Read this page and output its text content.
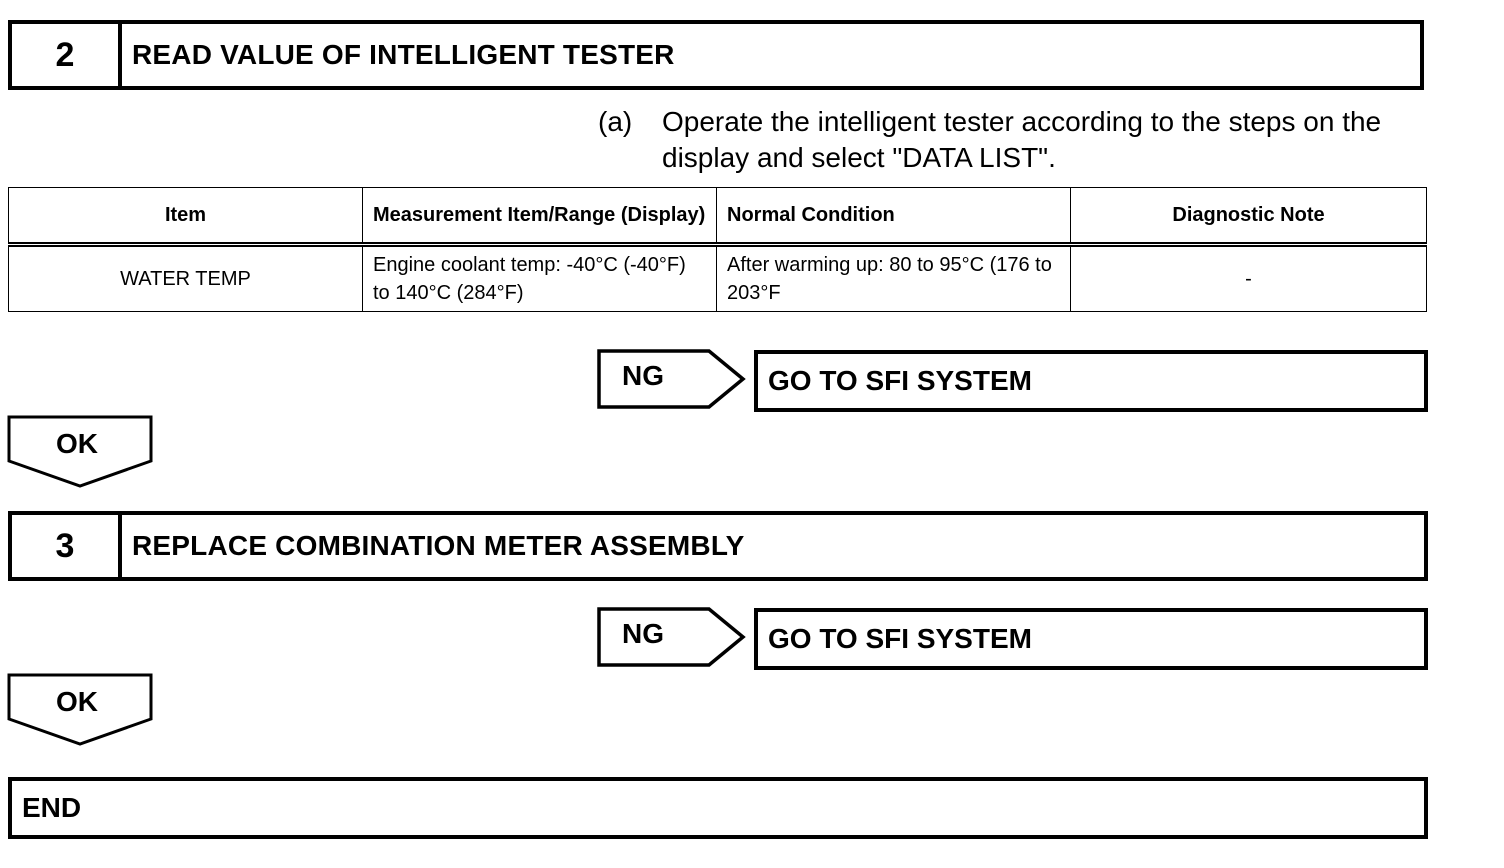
2	READ VALUE OF INTELLIGENT TESTER
(a) Operate the intelligent tester according to the steps on the display and select "DATA LIST".
Item	Measurement Item/Range (Display)	Normal Condition	Diagnostic Note
WATER TEMP	Engine coolant temp: -40°C (-40°F) to 140°C (284°F)	After warming up: 80 to 95°C (176 to 203°F	-
NG	GO TO SFI SYSTEM
OK
3	REPLACE COMBINATION METER ASSEMBLY
NG	GO TO SFI SYSTEM
OK
END
